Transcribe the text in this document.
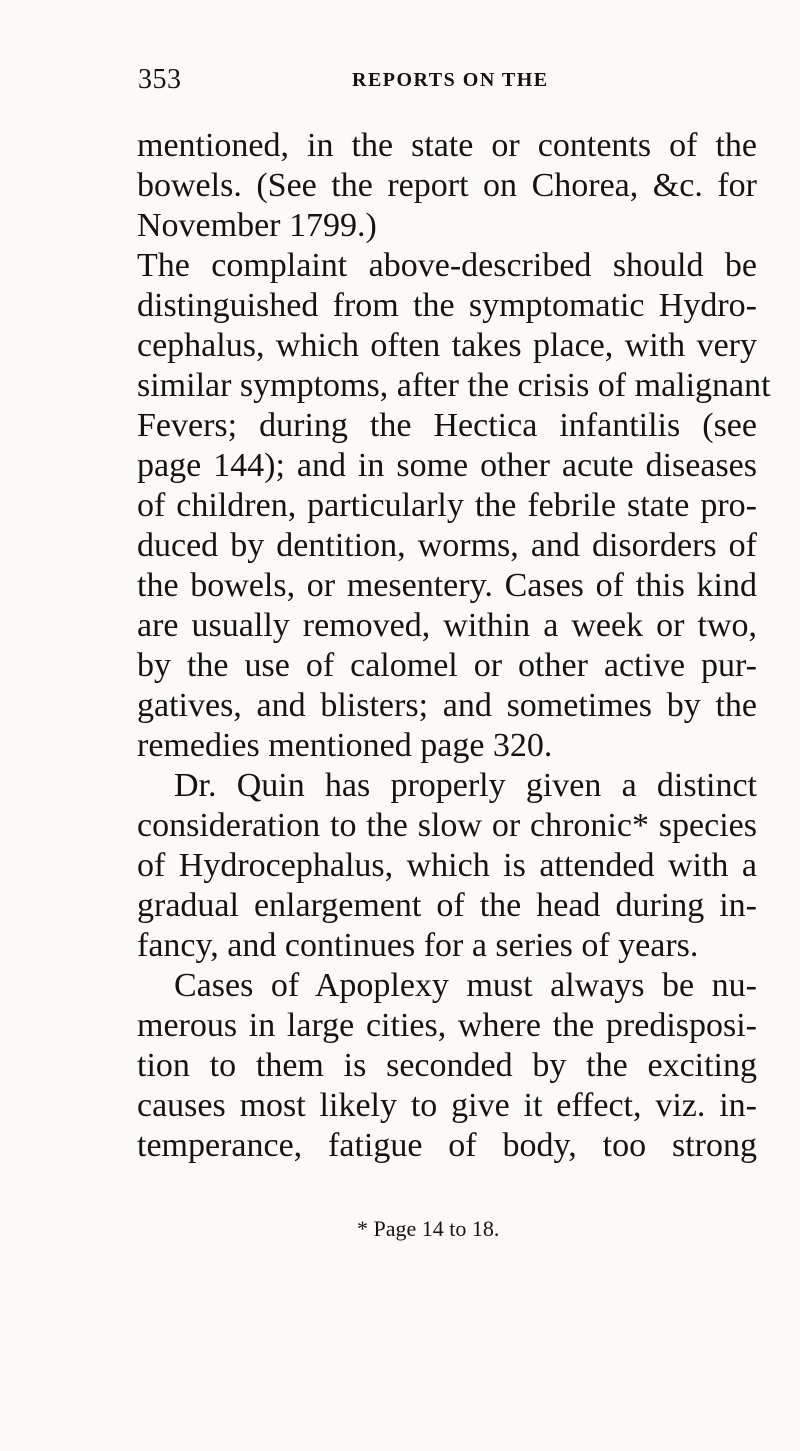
353	REPORTS ON THE
mentioned, in the state or contents of the
bowels. (See the report on Chorea, &c. for
November 1799.)
The complaint above-described should be
distinguished from the symptomatic Hydro-
cephalus, which often takes place, with very
similar symptoms, after the crisis of malignant
Fevers; during the Hectica infantilis (see
page 144); and in some other acute diseases
of children, particularly the febrile state pro-
duced by dentition, worms, and disorders of
the bowels, or mesentery. Cases of this kind
are usually removed, within a week or two,
by the use of calomel or other active pur-
gatives, and blisters; and sometimes by the
remedies mentioned page 320.
Dr. Quin has properly given a distinct
consideration to the slow or chronic* species
of Hydrocephalus, which is attended with a
gradual enlargement of the head during in-
fancy, and continues for a series of years.
Cases of Apoplexy must always be nu-
merous in large cities, where the predisposi-
tion to them is seconded by the exciting
causes most likely to give it effect, viz. in-
temperance, fatigue of body, too strong
* Page 14 to 18.
